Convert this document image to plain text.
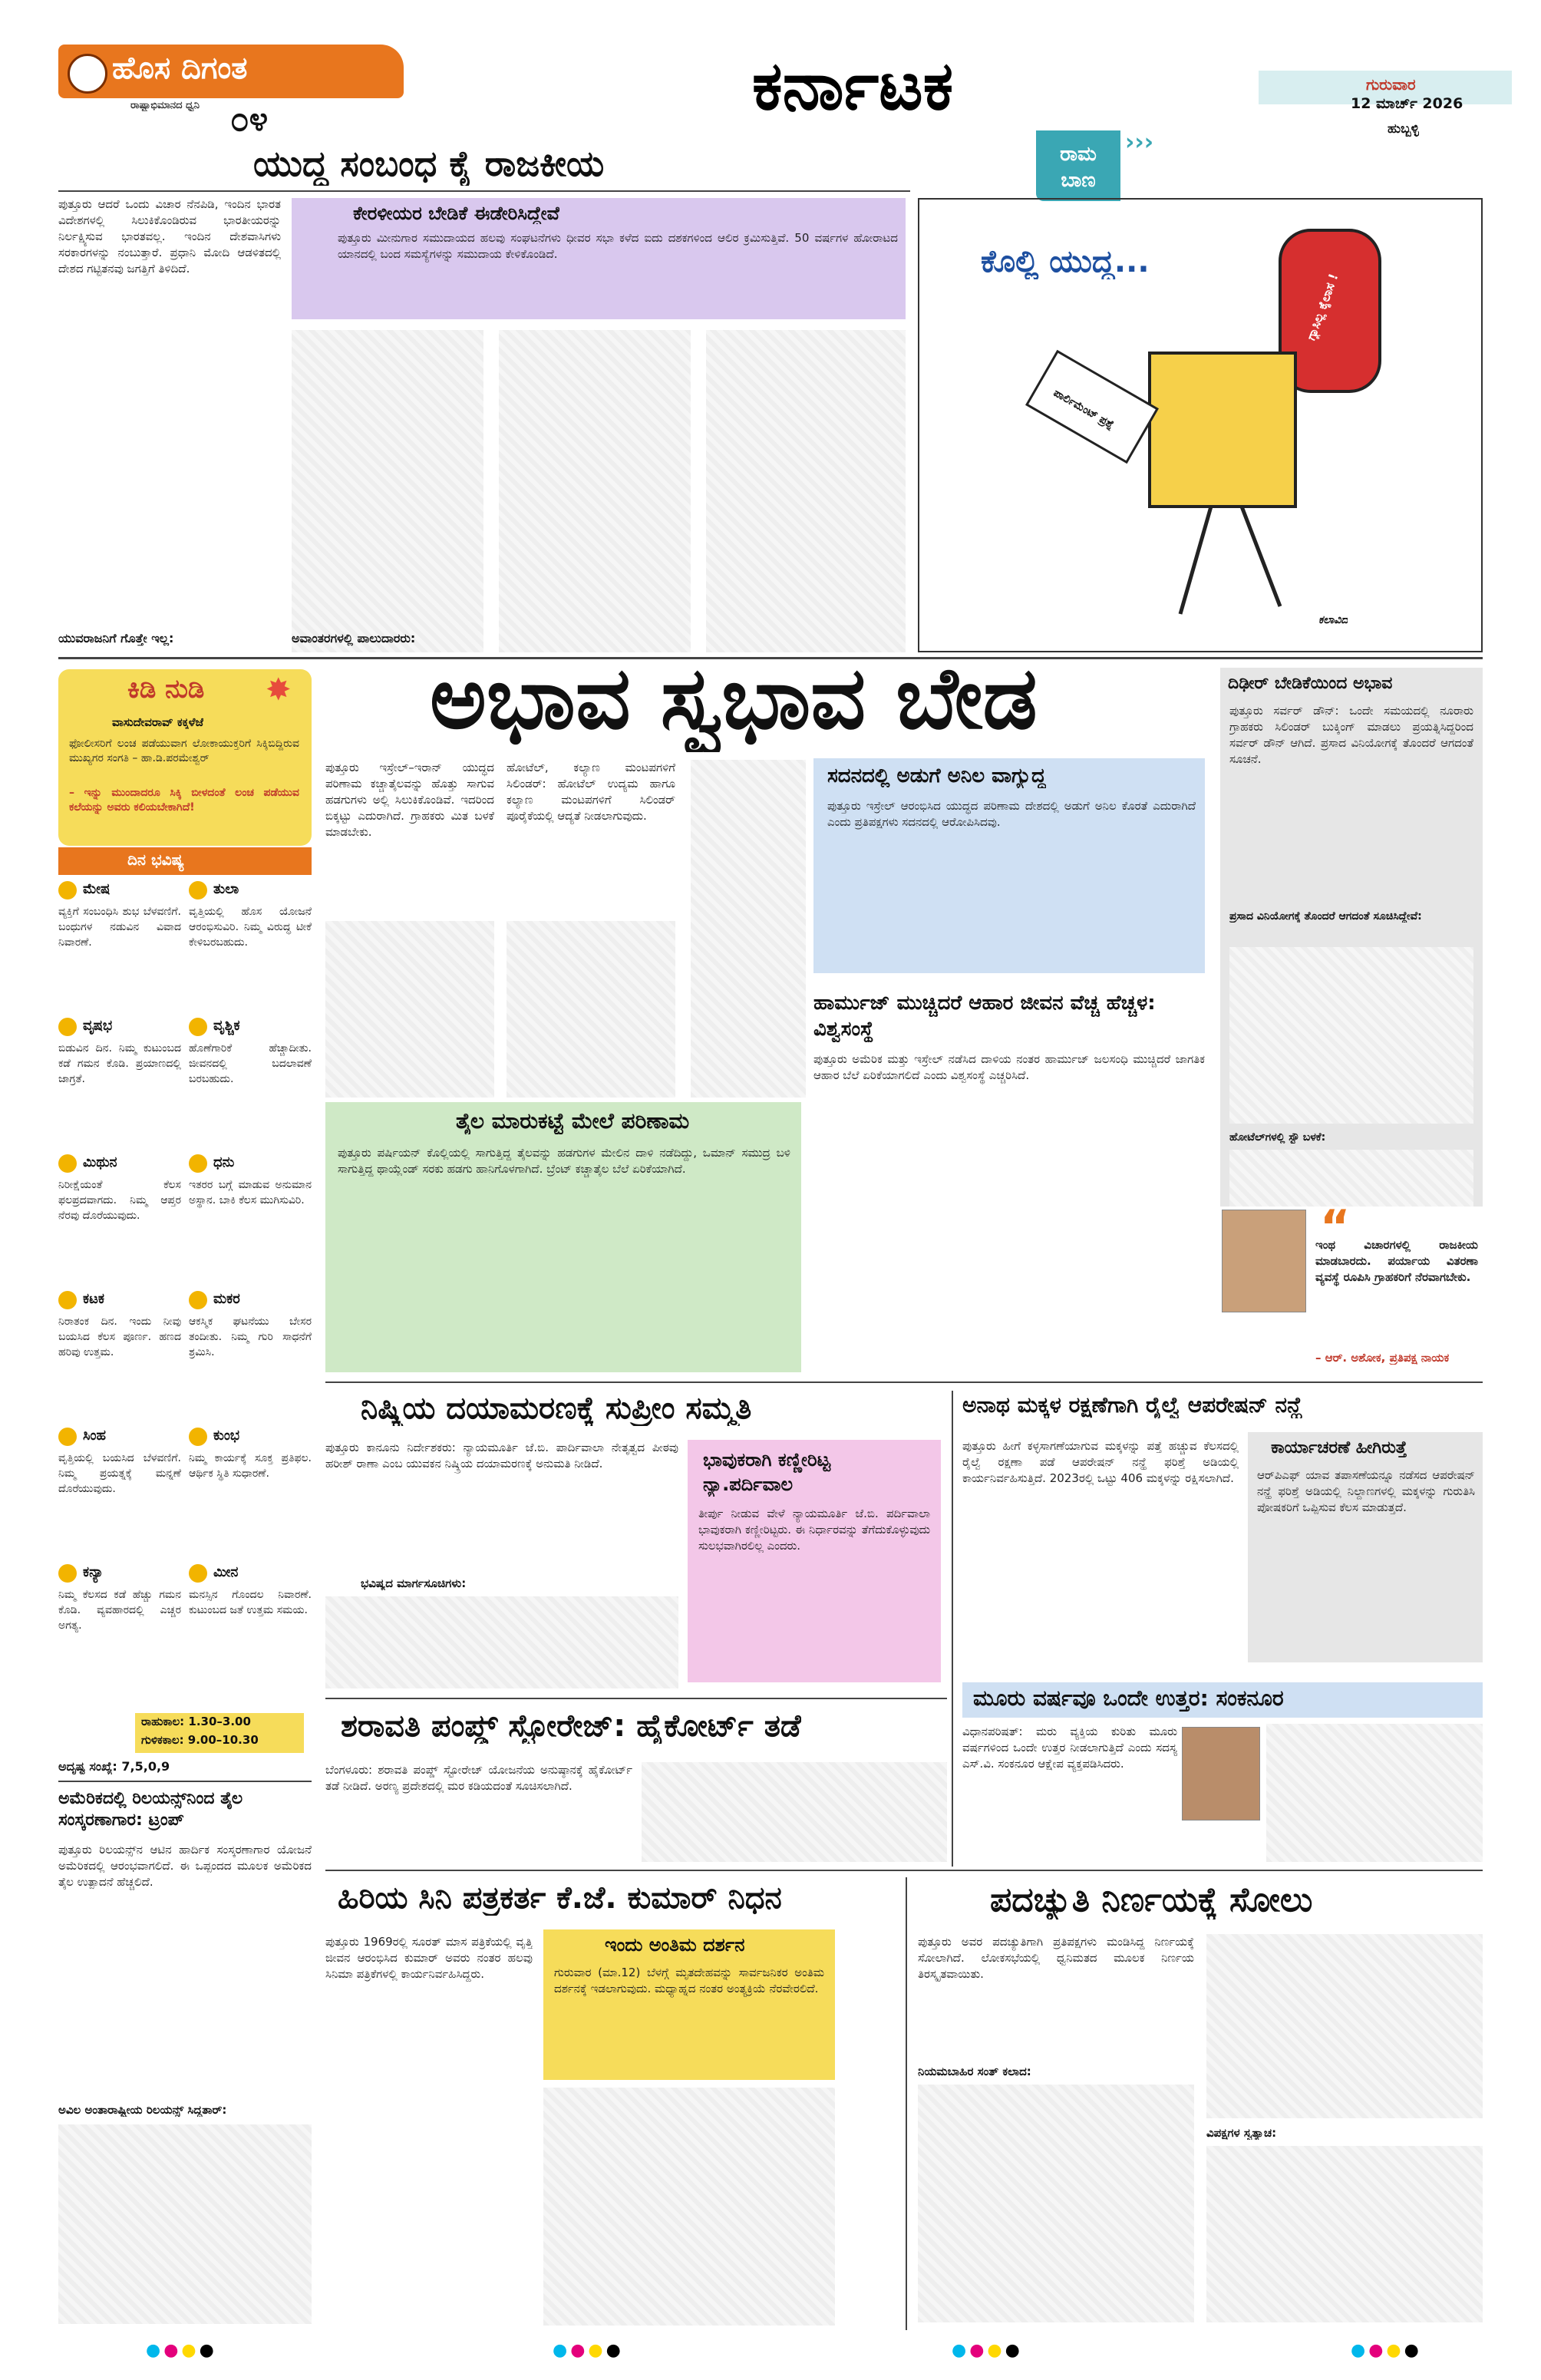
ಹೊಸ ದಿಗಂತ
ರಾಷ್ಟ್ರಾಭಿಮಾನದ ಧ್ವನಿ ೦೪	ಕರ್ನಾಟಕ	ಗುರುವಾರ
12 ಮಾರ್ಚ್ 2026
ಹುಬ್ಬಳ್ಳಿ
ರಾಮ ಬಾಣ
›››
ಯುದ್ಧ ಸಂಬಂಧ ಕೈ ರಾಜಕೀಯ
ಪುತ್ತೂರು ಆದರೆ ಒಂದು ವಿಚಾರ ನೆನಪಿಡಿ, ಇಂದಿನ ಭಾರತ ವಿದೇಶಗಳಲ್ಲಿ ಸಿಲುಕಿಕೊಂಡಿರುವ ಭಾರತೀಯರನ್ನು ನಿರ್ಲಕ್ಷ್ಯಿಸುವ ಭಾರತವಲ್ಲ. ಇಂದಿನ ದೇಶವಾಸಿಗಳು ಸರಕಾರಗಳನ್ನು ನಂಬುತ್ತಾರೆ. ಪ್ರಧಾನಿ ಮೋದಿ ಆಡಳಿತದಲ್ಲಿ ದೇಶದ ಗಟ್ಟಿತನವು ಜಗತ್ತಿಗೆ ತಿಳಿದಿದೆ.
ಯುವರಾಜನಿಗೆ ಗೊತ್ತೇ ಇಲ್ಲ:
ಕೇರಳೀಯರ ಬೇಡಿಕೆ ಈಡೇರಿಸಿದ್ದೇವೆ
ಪುತ್ತೂರು ಮೀನುಗಾರ ಸಮುದಾಯದ ಹಲವು ಸಂಘಟನೆಗಳು ಧೀವರ ಸಭಾ ಕಳೆದ ಐದು ದಶಕಗಳಿಂದ ಆಲಿರ ಕ್ರಮಿಸುತ್ತಿವೆ. 50 ವರ್ಷಗಳ ಹೋರಾಟದ ಯಾನದಲ್ಲಿ ಬಂದ ಸಮಸ್ಯೆಗಳನ್ನು ಸಮುದಾಯ ಕೇಳಿಕೊಂಡಿದೆ.
ಅವಾಂತರಗಳಲ್ಲಿ ಪಾಲುದಾರರು:
ಕೊಲ್ಲಿ ಯುದ್ಧ...
ಗ್ಯಾಸಿಲ್ಲ ಕೈಲಾಸ !
ಪಾರ್ಲಿಮೆಂಟ್ ಪ್ರಶ್ನೆ
ಕಲಾವಿದ
ಕಿಡಿ ನುಡಿ ✸
ವಾಸುದೇವರಾವ್ ಕಕ್ಕಳೆಜೆ
ಫೋಲೀಸರಿಗೆ ಲಂಚ ಪಡೆಯುವಾಗ ಲೋಕಾಯುಕ್ತರಿಗೆ ಸಿಕ್ಕಿಬಿದ್ದಿರುವ ಮುಖ್ಯಗರ ಸಂಗತಿ – ಹಾ.ಡಿ.ಪರಮೇಶ್ವರ್
– ಇನ್ನು ಮುಂದಾದರೂ ಸಿಕ್ಕಿ ಬೀಳದಂತೆ ಲಂಚ ಪಡೆಯುವ ಕಲೆಯನ್ನು ಅವರು ಕಲಿಯಬೇಕಾಗಿದೆ!
ದಿನ ಭವಿಷ್ಯ
ಮೇಷ
ವ್ಯಕ್ತಿಗೆ ಸಂಬಂಧಿಸಿ ಶುಭ ಬೆಳವಣಿಗೆ. ಬಂಧುಗಳ ನಡುವಿನ ವಿವಾದ ನಿವಾರಣೆ.
ತುಲಾ
ವೃತ್ತಿಯಲ್ಲಿ ಹೊಸ ಯೋಜನೆ ಆರಂಭಿಸುವಿರಿ. ನಿಮ್ಮ ವಿರುದ್ಧ ಟೀಕೆ ಕೇಳಿಬರಬಹುದು.
ವೃಷಭ
ಬಿಡುವಿನ ದಿನ. ನಿಮ್ಮ ಕುಟುಂಬದ ಕಡೆ ಗಮನ ಕೊಡಿ. ಪ್ರಯಾಣದಲ್ಲಿ ಜಾಗ್ರತೆ.
ವೃಶ್ಚಿಕ
ಹೊಣೆಗಾರಿಕೆ ಹೆಚ್ಚಾದೀತು. ಜೀವನದಲ್ಲಿ ಬದಲಾವಣೆ ಬರಬಹುದು.
ಮಿಥುನ
ನಿರೀಕ್ಷೆಯಂತೆ ಕೆಲಸ ಫಲಪ್ರದವಾಗದು. ನಿಮ್ಮ ಆಪ್ತರ ನೆರವು ದೊರೆಯುವುದು.
ಧನು
ಇತರರ ಬಗ್ಗೆ ಮಾಡುವ ಅನುಮಾನ ಅಸ್ಥಾನ. ಬಾಕಿ ಕೆಲಸ ಮುಗಿಸುವಿರಿ.
ಕಟಕ
ನಿರಾತಂಕ ದಿನ. ಇಂದು ನೀವು ಬಯಸಿದ ಕೆಲಸ ಪೂರ್ಣ. ಹಣದ ಹರಿವು ಉತ್ತಮ.
ಮಕರ
ಆಕಸ್ಮಿಕ ಘಟನೆಯು ಬೇಸರ ತಂದೀತು. ನಿಮ್ಮ ಗುರಿ ಸಾಧನೆಗೆ ಶ್ರಮಿಸಿ.
ಸಿಂಹ
ವೃತ್ತಿಯಲ್ಲಿ ಬಯಸಿದ ಬೆಳವಣಿಗೆ. ನಿಮ್ಮ ಪ್ರಯತ್ನಕ್ಕೆ ಮನ್ನಣೆ ದೊರೆಯುವುದು.
ಕುಂಭ
ನಿಮ್ಮ ಕಾರ್ಯಕ್ಕೆ ಸೂಕ್ತ ಪ್ರತಿಫಲ. ಆರ್ಥಿಕ ಸ್ಥಿತಿ ಸುಧಾರಣೆ.
ಕನ್ಯಾ
ನಿಮ್ಮ ಕೆಲಸದ ಕಡೆ ಹೆಚ್ಚು ಗಮನ ಕೊಡಿ. ವ್ಯವಹಾರದಲ್ಲಿ ಎಚ್ಚರ ಅಗತ್ಯ.
ಮೀನ
ಮನಸ್ಸಿನ ಗೊಂದಲ ನಿವಾರಣೆ. ಕುಟುಂಬದ ಜತೆ ಉತ್ತಮ ಸಮಯ.
ರಾಹುಕಾಲ: 1.30–3.00
ಗುಳಿಕಕಾಲ: 9.00–10.30
ಅದೃಷ್ಟ ಸಂಖ್ಯೆ: 7,5,0,9
ಅಮೆರಿಕದಲ್ಲಿ ರಿಲಯನ್ಸ್‌ನಿಂದ ತೈಲ ಸಂಸ್ಕರಣಾಗಾರ: ಟ್ರಂಪ್
ಪುತ್ತೂರು ರಿಲಯನ್ಸ್‌ನ ಆಟಿನ ಹಾರ್ದಿಕ ಸಂಸ್ಕರಣಾಗಾರ ಯೋಜನೆ ಅಮೆರಿಕದಲ್ಲಿ ಆರಂಭವಾಗಲಿದೆ. ಈ ಒಪ್ಪಂದದ ಮೂಲಕ ಅಮೆರಿಕದ ತೈಲ ಉತ್ಪಾದನೆ ಹೆಚ್ಚಲಿದೆ.
ಅವಿಲ ಅಂತಾರಾಷ್ಟ್ರೀಯ ರಿಲಯನ್ಸ್ ಸಿದ್ಧತಾರ್:
ಅಭಾವ ಸ್ವಭಾವ ಬೇಡ
ಪುತ್ತೂರು ಇಸ್ರೇಲ್–ಇರಾನ್ ಯುದ್ಧದ ಪರಿಣಾಮ ಕಚ್ಚಾತೈಲವನ್ನು ಹೊತ್ತು ಸಾಗುವ ಹಡಗುಗಳು ಅಲ್ಲಿ ಸಿಲುಕಿಕೊಂಡಿವೆ. ಇದರಿಂದ ಬಿಕ್ಕಟ್ಟು ಎದುರಾಗಿದೆ. ಗ್ರಾಹಕರು ಮಿತ ಬಳಕೆ ಮಾಡಬೇಕು.
ಹೋಟೆಲ್, ಕಲ್ಯಾಣ ಮಂಟಪಗಳಿಗೆ ಸಿಲಿಂಡರ್: ಹೋಟೆಲ್ ಉದ್ಯಮ ಹಾಗೂ ಕಲ್ಯಾಣ ಮಂಟಪಗಳಿಗೆ ಸಿಲಿಂಡರ್ ಪೂರೈಕೆಯಲ್ಲಿ ಆದ್ಯತೆ ನೀಡಲಾಗುವುದು.
ಸದನದಲ್ಲಿ ಅಡುಗೆ ಅನಿಲ ವಾಗ್ಯುದ್ಧ
ಪುತ್ತೂರು ಇಸ್ರೇಲ್ ಆರಂಭಿಸಿದ ಯುದ್ಧದ ಪರಿಣಾಮ ದೇಶದಲ್ಲಿ ಅಡುಗೆ ಅನಿಲ ಕೊರತೆ ಎದುರಾಗಿದೆ ಎಂದು ಪ್ರತಿಪಕ್ಷಗಳು ಸದನದಲ್ಲಿ ಆರೋಪಿಸಿದವು.
ಹಾರ್ಮುಜ್ ಮುಚ್ಚಿದರೆ ಆಹಾರ ಜೀವನ ವೆಚ್ಚ ಹೆಚ್ಚಳ: ವಿಶ್ವಸಂಸ್ಥೆ
ಪುತ್ತೂರು ಅಮೆರಿಕ ಮತ್ತು ಇಸ್ರೇಲ್ ನಡೆಸಿದ ದಾಳಿಯ ನಂತರ ಹಾರ್ಮುಜ್ ಜಲಸಂಧಿ ಮುಚ್ಚಿದರೆ ಜಾಗತಿಕ ಆಹಾರ ಬೆಲೆ ಏರಿಕೆಯಾಗಲಿದೆ ಎಂದು ವಿಶ್ವಸಂಸ್ಥೆ ಎಚ್ಚರಿಸಿದೆ.
ತೈಲ ಮಾರುಕಟ್ಟೆ ಮೇಲೆ ಪರಿಣಾಮ
ಪುತ್ತೂರು ಪರ್ಷಿಯನ್ ಕೊಲ್ಲಿಯಲ್ಲಿ ಸಾಗುತ್ತಿದ್ದ ತೈಲವನ್ನು ಹಡಗುಗಳ ಮೇಲಿನ ದಾಳಿ ನಡೆದಿದ್ದು, ಒಮಾನ್ ಸಮುದ್ರ ಬಳಿ ಸಾಗುತ್ತಿದ್ದ ಥಾಯ್ಲೆಂಡ್ ಸರಕು ಹಡಗು ಹಾನಿಗೊಳಗಾಗಿದೆ. ಬ್ರೆಂಟ್ ಕಚ್ಚಾತೈಲ ಬೆಲೆ ಏರಿಕೆಯಾಗಿದೆ.
ದಿಢೀರ್ ಬೇಡಿಕೆಯಿಂದ ಅಭಾವ
ಪುತ್ತೂರು ಸರ್ವರ್ ಡೌನ್: ಒಂದೇ ಸಮಯದಲ್ಲಿ ನೂರಾರು ಗ್ರಾಹಕರು ಸಿಲಿಂಡರ್ ಬುಕ್ಕಿಂಗ್ ಮಾಡಲು ಪ್ರಯತ್ನಿಸಿದ್ದರಿಂದ ಸರ್ವರ್ ಡೌನ್ ಆಗಿದೆ. ಪ್ರಸಾದ ವಿನಿಯೋಗಕ್ಕೆ ತೊಂದರೆ ಆಗದಂತೆ ಸೂಚನೆ.
ಪ್ರಸಾದ ವಿನಿಯೋಗಕ್ಕೆ ತೊಂದರೆ ಆಗದಂತೆ ಸೂಚಿಸಿದ್ದೇವೆ:
ಹೋಟೆಲ್‌ಗಳಲ್ಲಿ ಸ್ಟೌ ಬಳಕೆ:
“
ಇಂಥ ವಿಚಾರಗಳಲ್ಲಿ ರಾಜಕೀಯ ಮಾಡಬಾರದು. ಪರ್ಯಾಯ ವಿತರಣಾ ವ್ಯವಸ್ಥೆ ರೂಪಿಸಿ ಗ್ರಾಹಕರಿಗೆ ನೆರವಾಗಬೇಕು.
– ಆರ್. ಅಶೋಕ, ಪ್ರತಿಪಕ್ಷ ನಾಯಕ
ನಿಷ್ಕ್ರಿಯ ದಯಾಮರಣಕ್ಕೆ ಸುಪ್ರೀಂ ಸಮ್ಮತಿ
ಪುತ್ತೂರು ಕಾನೂನು ನಿರ್ದೇಶಕರು: ನ್ಯಾಯಮೂರ್ತಿ ಜೆ.ಬಿ. ಪಾರ್ದಿವಾಲಾ ನೇತೃತ್ವದ ಪೀಠವು ಹರೀಶ್ ರಾಣಾ ಎಂಬ ಯುವಕನ ನಿಷ್ಕ್ರಿಯ ದಯಾಮರಣಕ್ಕೆ ಅನುಮತಿ ನೀಡಿದೆ.
ಭವಿಷ್ಯದ ಮಾರ್ಗಸೂಚಿಗಳು:
ಭಾವುಕರಾಗಿ ಕಣ್ಣೀರಿಟ್ಟ ನ್ಯಾ.ಪರ್ದಿವಾಲ
ತೀರ್ಪು ನೀಡುವ ವೇಳೆ ನ್ಯಾಯಮೂರ್ತಿ ಜೆ.ಬಿ. ಪರ್ದಿವಾಲಾ ಭಾವುಕರಾಗಿ ಕಣ್ಣೀರಿಟ್ಟರು. ಈ ನಿರ್ಧಾರವನ್ನು ತೆಗೆದುಕೊಳ್ಳುವುದು ಸುಲಭವಾಗಿರಲಿಲ್ಲ ಎಂದರು.
ಅನಾಥ ಮಕ್ಕಳ ರಕ್ಷಣೆಗಾಗಿ ರೈಲ್ವೆ ಆಪರೇಷನ್ ನನ್ಹೆ
ಪುತ್ತೂರು ಹೀಗೆ ಕಳ್ಳಸಾಗಣೆಯಾಗುವ ಮಕ್ಕಳನ್ನು ಪತ್ತೆ ಹಚ್ಚುವ ಕೆಲಸದಲ್ಲಿ ರೈಲ್ವೆ ರಕ್ಷಣಾ ಪಡೆ ಆಪರೇಷನ್ ನನ್ಹೆ ಫರಿಶ್ತೆ ಅಡಿಯಲ್ಲಿ ಕಾರ್ಯನಿರ್ವಹಿಸುತ್ತಿದೆ. 2023ರಲ್ಲಿ ಒಟ್ಟು 406 ಮಕ್ಕಳನ್ನು ರಕ್ಷಿಸಲಾಗಿದೆ.
ಕಾರ್ಯಾಚರಣೆ ಹೀಗಿರುತ್ತೆ
ಆರ್‌ಪಿಎಫ್ ಯಾವ ತಪಾಸಣೆಯನ್ನೂ ನಡೆಸದ ಆಪರೇಷನ್ ನನ್ಹೆ ಫರಿಶ್ತೆ ಅಡಿಯಲ್ಲಿ ನಿಲ್ದಾಣಗಳಲ್ಲಿ ಮಕ್ಕಳನ್ನು ಗುರುತಿಸಿ ಪೋಷಕರಿಗೆ ಒಪ್ಪಿಸುವ ಕೆಲಸ ಮಾಡುತ್ತದೆ.
ಮೂರು ವರ್ಷವೂ ಒಂದೇ ಉತ್ತರ: ಸಂಕನೂರ
ವಿಧಾನಪರಿಷತ್: ಮರು ವ್ಯಕ್ತಿಯ ಕುರಿತು ಮೂರು ವರ್ಷಗಳಿಂದ ಒಂದೇ ಉತ್ತರ ನೀಡಲಾಗುತ್ತಿದೆ ಎಂದು ಸದಸ್ಯ ಎಸ್.ವಿ. ಸಂಕನೂರ ಆಕ್ಷೇಪ ವ್ಯಕ್ತಪಡಿಸಿದರು.
ಶರಾವತಿ ಪಂಪ್ಡ್ ಸ್ಟೋರೇಜ್: ಹೈಕೋರ್ಟ್ ತಡೆ
ಬೆಂಗಳೂರು: ಶರಾವತಿ ಪಂಪ್ಡ್ ಸ್ಟೋರೇಜ್ ಯೋಜನೆಯ ಅನುಷ್ಠಾನಕ್ಕೆ ಹೈಕೋರ್ಟ್ ತಡೆ ನೀಡಿದೆ. ಅರಣ್ಯ ಪ್ರದೇಶದಲ್ಲಿ ಮರ ಕಡಿಯದಂತೆ ಸೂಚಿಸಲಾಗಿದೆ.
ಹಿರಿಯ ಸಿನಿ ಪತ್ರಕರ್ತ ಕೆ.ಜೆ. ಕುಮಾರ್ ನಿಧನ
ಪುತ್ತೂರು 1969ರಲ್ಲಿ ಸೂರತ್ ಮಾಸ ಪತ್ರಿಕೆಯಲ್ಲಿ ವೃತ್ತಿ ಜೀವನ ಆರಂಭಿಸಿದ ಕುಮಾರ್ ಅವರು ನಂತರ ಹಲವು ಸಿನಿಮಾ ಪತ್ರಿಕೆಗಳಲ್ಲಿ ಕಾರ್ಯನಿರ್ವಹಿಸಿದ್ದರು.
ಇಂದು ಅಂತಿಮ ದರ್ಶನ
ಗುರುವಾರ (ಮಾ.12) ಬೆಳಗ್ಗೆ ಮೃತದೇಹವನ್ನು ಸಾರ್ವಜನಿಕರ ಅಂತಿಮ ದರ್ಶನಕ್ಕೆ ಇಡಲಾಗುವುದು. ಮಧ್ಯಾಹ್ನದ ನಂತರ ಅಂತ್ಯಕ್ರಿಯೆ ನೆರವೇರಲಿದೆ.
ಪದಚ್ಯುತಿ ನಿರ್ಣಯಕ್ಕೆ ಸೋಲು
ಪುತ್ತೂರು ಅವರ ಪದಚ್ಯುತಿಗಾಗಿ ಪ್ರತಿಪಕ್ಷಗಳು ಮಂಡಿಸಿದ್ದ ನಿರ್ಣಯಕ್ಕೆ ಸೋಲಾಗಿದೆ. ಲೋಕಸಭೆಯಲ್ಲಿ ಧ್ವನಿಮತದ ಮೂಲಕ ನಿರ್ಣಯ ತಿರಸ್ಕೃತವಾಯಿತು.
ನಿಯಮಬಾಹಿರ ಸಂತ್ ಕಲಾದ:
ವಿಪಕ್ಷಗಳ ಸ್ವತ್ಯಾಚ:
●●●●	●●●●	●●●●	●●●●
